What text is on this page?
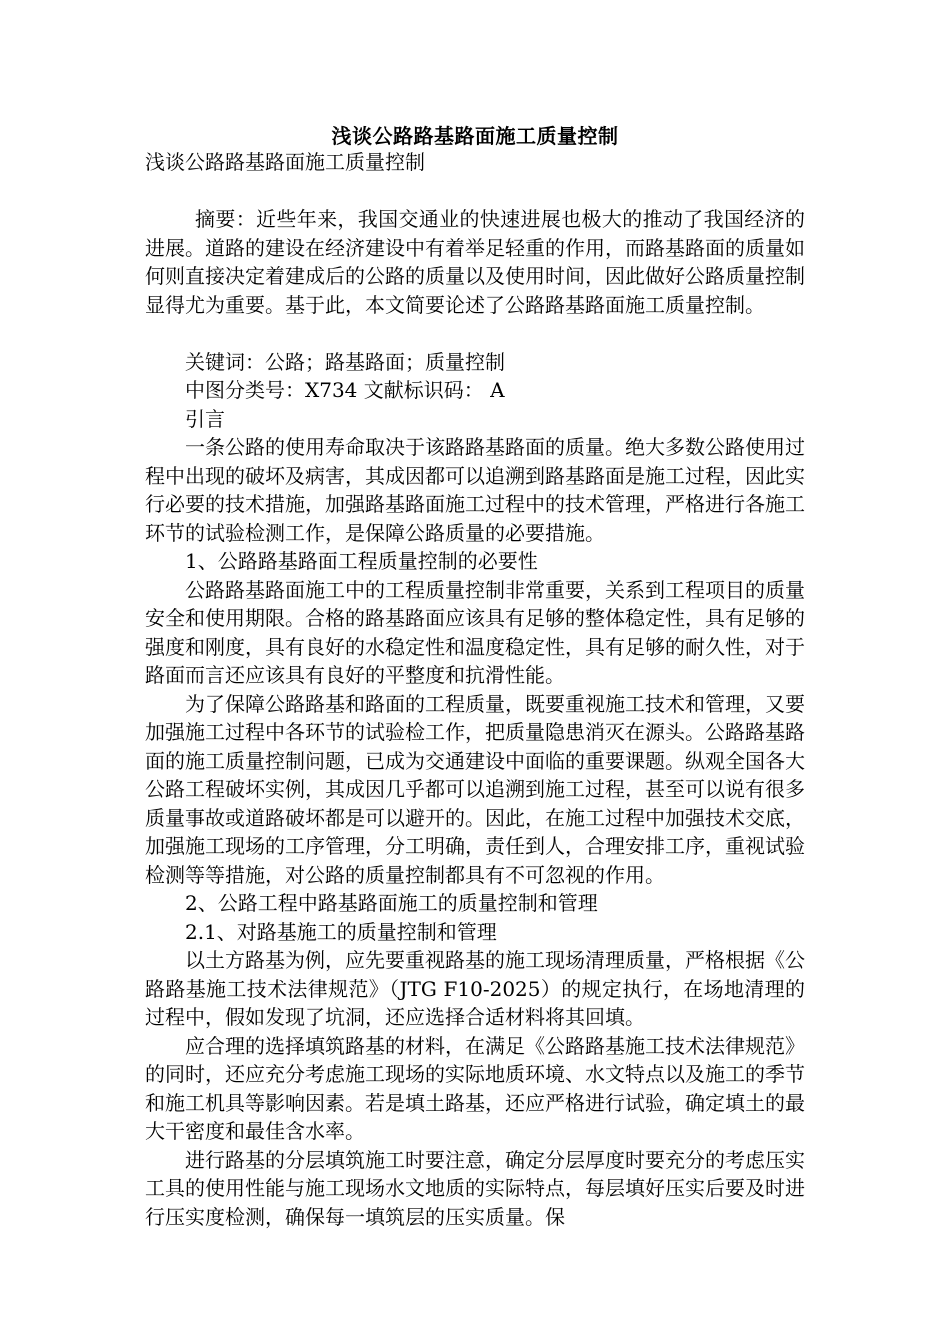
浅谈公路路基路面施工质量控制

浅谈公路路基路面施工质量控制

摘要：近些年来，我国交通业的快速进展也极大的推动了我国经济的进展。道路的建设在经济建设中有着举足轻重的作用，而路基路面的质量如何则直接决定着建成后的公路的质量以及使用时间，因此做好公路质量控制显得尤为重要。基于此，本文简要论述了公路路基路面施工质量控制。

关键词：公路；路基路面；质量控制

中图分类号：X734 文献标识码： A

引言

一条公路的使用寿命取决于该路路基路面的质量。绝大多数公路使用过程中出现的破坏及病害，其成因都可以追溯到路基路面是施工过程，因此实行必要的技术措施，加强路基路面施工过程中的技术管理，严格进行各施工环节的试验检测工作，是保障公路质量的必要措施。

1、公路路基路面工程质量控制的必要性

公路路基路面施工中的工程质量控制非常重要，关系到工程项目的质量安全和使用期限。合格的路基路面应该具有足够的整体稳定性，具有足够的强度和刚度，具有良好的水稳定性和温度稳定性，具有足够的耐久性，对于路面而言还应该具有良好的平整度和抗滑性能。

为了保障公路路基和路面的工程质量，既要重视施工技术和管理，又要加强施工过程中各环节的试验检工作，把质量隐患消灭在源头。公路路基路面的施工质量控制问题，已成为交通建设中面临的重要课题。纵观全国各大公路工程破坏实例，其成因几乎都可以追溯到施工过程，甚至可以说有很多质量事故或道路破坏都是可以避开的。因此，在施工过程中加强技术交底，加强施工现场的工序管理，分工明确，责任到人，合理安排工序，重视试验检测等等措施，对公路的质量控制都具有不可忽视的作用。

2、公路工程中路基路面施工的质量控制和管理

2.1、对路基施工的质量控制和管理

以土方路基为例，应先要重视路基的施工现场清理质量，严格根据《公路路基施工技术法律规范》（JTG F10-2025）的规定执行，在场地清理的过程中，假如发现了坑洞，还应选择合适材料将其回填。

应合理的选择填筑路基的材料，在满足《公路路基施工技术法律规范》的同时，还应充分考虑施工现场的实际地质环境、水文特点以及施工的季节和施工机具等影响因素。若是填土路基，还应严格进行试验，确定填土的最大干密度和最佳含水率。

进行路基的分层填筑施工时要注意，确定分层厚度时要充分的考虑压实工具的使用性能与施工现场水文地质的实际特点，每层填好压实后要及时进行压实度检测，确保每一填筑层的压实质量。保
